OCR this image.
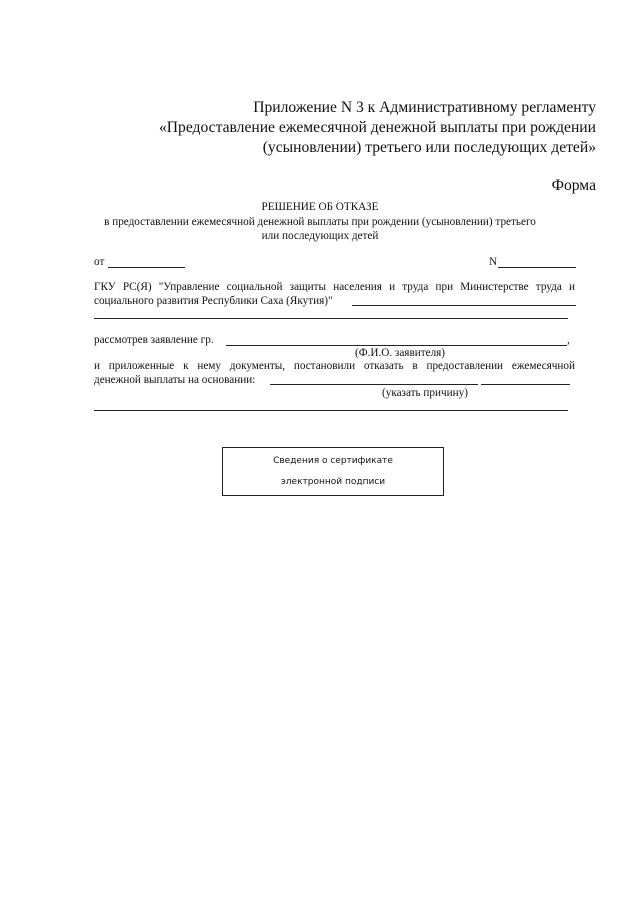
Приложение N 3 к Административному регламенту
«Предоставление ежемесячной денежной выплаты при рождении
(усыновлении) третьего или последующих детей»
Форма
РЕШЕНИЕ ОБ ОТКАЗЕ
в предоставлении ежемесячной денежной выплаты при рождении (усыновлении) третьего
или последующих детей
от	N
ГКУ РС(Я) "Управление социальной защиты населения и труда при Министерстве труда и
социального развития Республики Саха (Якутия)"
рассмотрев заявление гр.	,
(Ф.И.О. заявителя)
и приложенные к нему документы, постановили отказать в предоставлении ежемесячной
денежной выплаты на основании:
(указать причину)
Сведения о сертификате
электронной подписи
